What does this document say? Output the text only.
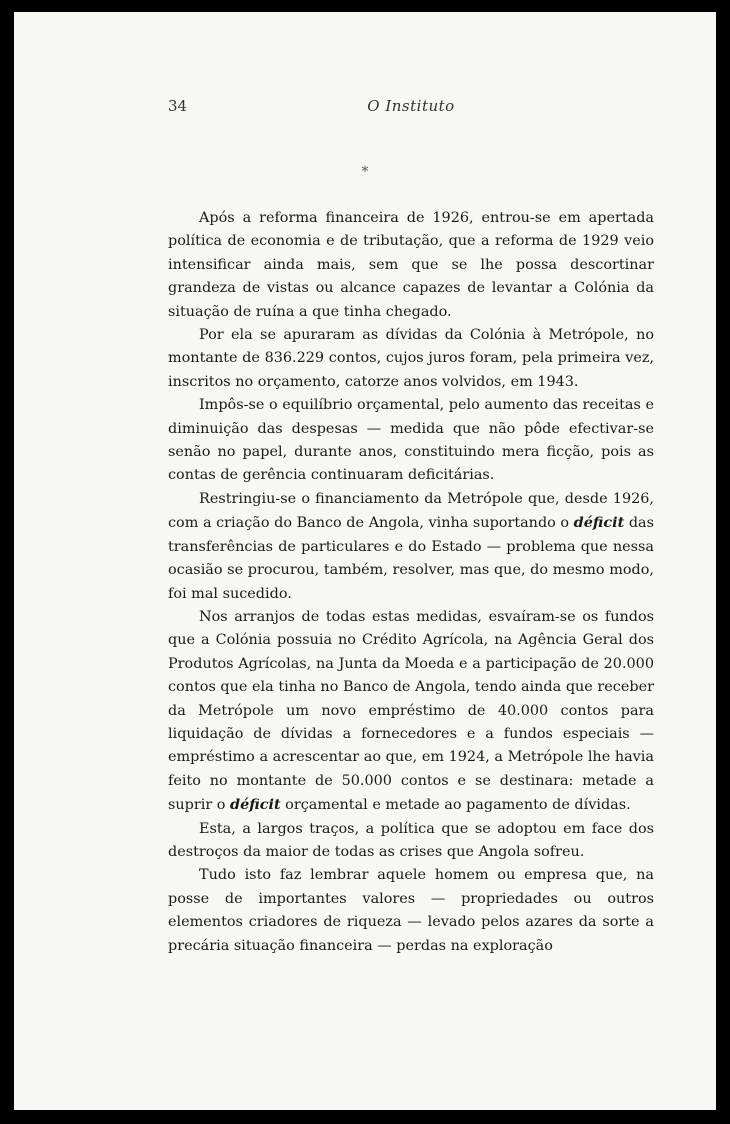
34	O Instituto
*

Após a reforma financeira de 1926, entrou-se em apertada política de economia e de tributação, que a reforma de 1929 veio intensificar ainda mais, sem que se lhe possa descortinar grandeza de vistas ou alcance capazes de levantar a Colónia da situação de ruína a que tinha chegado.

Por ela se apuraram as dívidas da Colónia à Metrópole, no montante de 836.229 contos, cujos juros foram, pela primeira vez, inscritos no orçamento, catorze anos volvidos, em 1943.

Impôs-se o equilíbrio orçamental, pelo aumento das receitas e diminuição das despesas — medida que não pôde efectivar-se senão no papel, durante anos, constituindo mera ficção, pois as contas de gerência continuaram deficitárias.

Restringiu-se o financiamento da Metrópole que, desde 1926, com a criação do Banco de Angola, vinha suportando o déficit das transferências de particulares e do Estado — problema que nessa ocasião se procurou, também, resolver, mas que, do mesmo modo, foi mal sucedido.

Nos arranjos de todas estas medidas, esvaíram-se os fundos que a Colónia possuia no Crédito Agrícola, na Agência Geral dos Produtos Agrícolas, na Junta da Moeda e a participação de 20.000 contos que ela tinha no Banco de Angola, tendo ainda que receber da Metrópole um novo empréstimo de 40.000 contos para liquidação de dívidas a fornecedores e a fundos especiais — empréstimo a acrescentar ao que, em 1924, a Metrópole lhe havia feito no montante de 50.000 contos e se destinara: metade a suprir o déficit orçamental e metade ao pagamento de dívidas.

Esta, a largos traços, a política que se adoptou em face dos destroços da maior de todas as crises que Angola sofreu.

Tudo isto faz lembrar aquele homem ou empresa que, na posse de importantes valores — propriedades ou outros elementos criadores de riqueza — levado pelos azares da sorte a precária situação financeira — perdas na exploração
